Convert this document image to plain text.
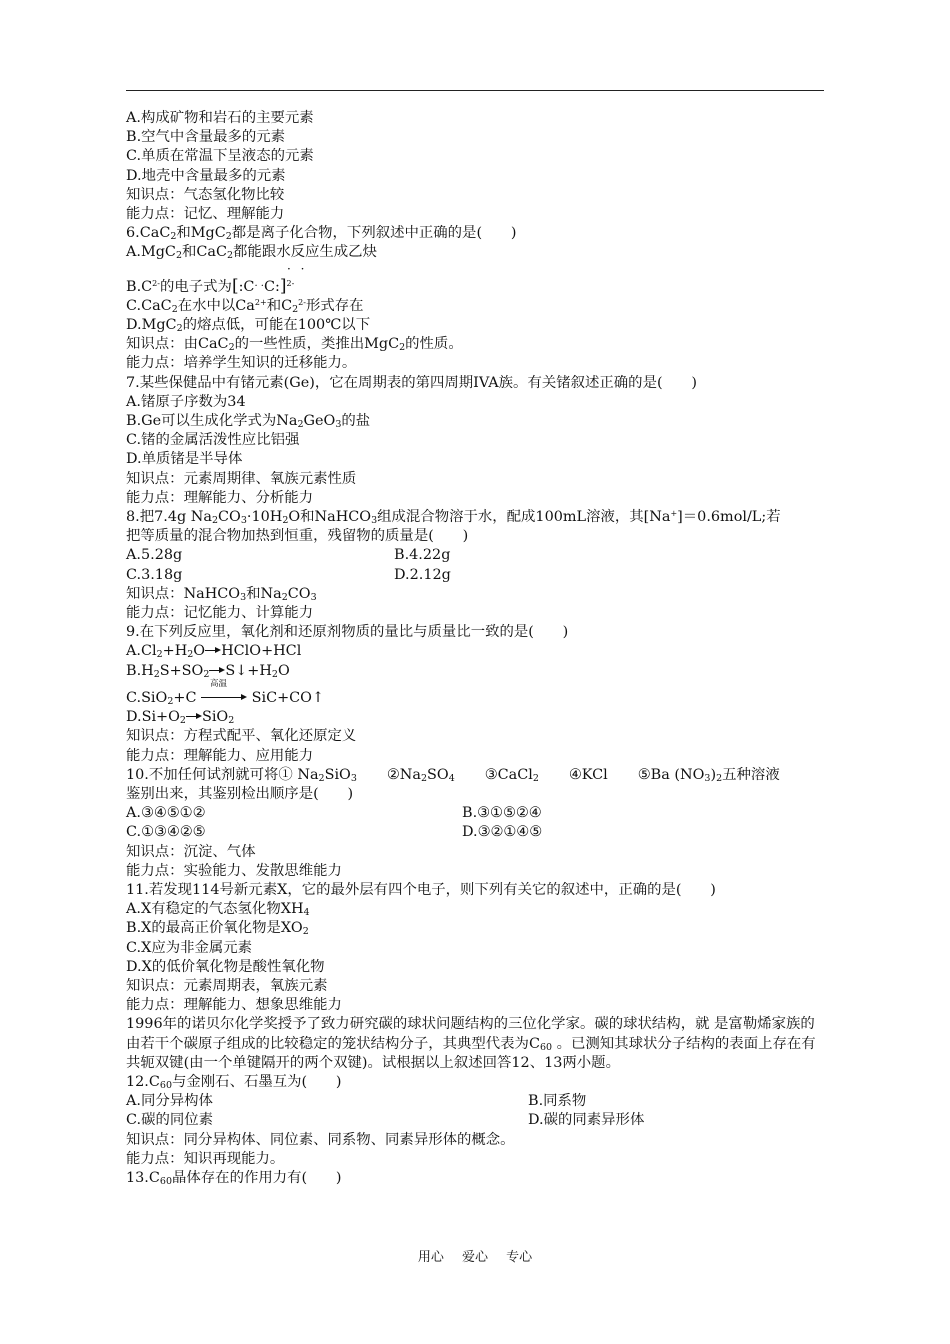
A.构成矿物和岩石的主要元素
B.空气中含量最多的元素
C.单质在常温下呈液态的元素
D.地壳中含量最多的元素
知识点：气态氢化物比较
能力点：记忆、理解能力
6.CaC$_2$和MgC$_2$都是离子化合物，下列叙述中正确的是(　　)
A.MgC$_2$和CaC$_2$都能跟水反应生成乙炔
· ·
$B.C^{2-}$的电子式为[:C· ·C:]$^{2-}$
C.CaC$_2$在水中以$Ca^{2+}$和$C_2^{2-}$形式存在
D.MgC$_2$的熔点低，可能在100℃以下
知识点：由CaC$_2$的一些性质，类推出MgC$_2$的性质。
能力点：培养学生知识的迁移能力。
7.某些保健品中有锗元素(Ge)，它在周期表的第四周期IVA族。有关锗叙述正确的是(　　)
A.锗原子序数为34
B.Ge可以生成化学式为$Na_2GeO_3$的盐
C.锗的金属活泼性应比铝强
D.单质锗是半导体
知识点：元素周期律、氧族元素性质
能力点：理解能力、分析能力
8.把7.4g $Na_2CO_3\cdot 10H_2O$和NaHCO$_3$组成混合物溶于水，配成100mL溶液，其[Na+]＝0.6mol/L;若
把等质量的混合物加热到恒重，残留物的质量是(　　)
A.5.28g	B.4.22g
C.3.18g	D.2.12g
知识点：NaHCO$_3$和$Na_2CO_3$
能力点：记忆能力、计算能力
9.在下列反应里，氧化剂和还原剂物质的量比与质量比一致的是(　　)
$A.Cl_2+H_2O$ HClO+HCl
$B.H_2S+SO_2$ $S↓+H_2O$
C.SiO$_2$+C
高温
SiC+CO↑
$D.Si+O_2$ SiO$_2$
知识点：方程式配平、氧化还原定义
能力点：理解能力、应用能力
10.不加任何试剂就可将① $Na_2SiO_3$ $②Na_2SO_4$ ③CaCl$_2$ ④KCl ⑤Ba $(NO_3)_2$五种溶液
鉴别出来，其鉴别检出顺序是(　　)
A.③④⑤①②	B.③①⑤②④
C.①③④②⑤	D.③②①④⑤
知识点：沉淀、气体
能力点：实验能力、发散思维能力
11.若发现114号新元素X，它的最外层有四个电子，则下列有关它的叙述中，正确的是(　　)
A.X有稳定的气态氢化物$XH_4$
B.X的最高正价氧化物是$XO_2$
C.X应为非金属元素
D.X的低价氧化物是酸性氧化物
知识点：元素周期表，氧族元素
能力点：理解能力、想象思维能力
1996年的诺贝尔化学奖授予了致力研究碳的球状问题结构的三位化学家。碳的球状结构，就 是富勒烯家族的由若干个碳原子组成的比较稳定的笼状结构分子，其典型代表为$C_{60}$ 。已测知其球状分子结构的表面上存在有共轭双键(由一个单键隔开的两个双键)。试根据以上叙述回答12、13两小题。
$12.C_{60}$与金刚石、石墨互为(　　)
A.同分异构体	B.同系物
C.碳的同位素	D.碳的同素异形体
知识点：同分异构体、同位素、同系物、同素异形体的概念。
能力点：知识再现能力。
$13.C_{60}$晶体存在的作用力有(　　)
用心 爱心 专心
